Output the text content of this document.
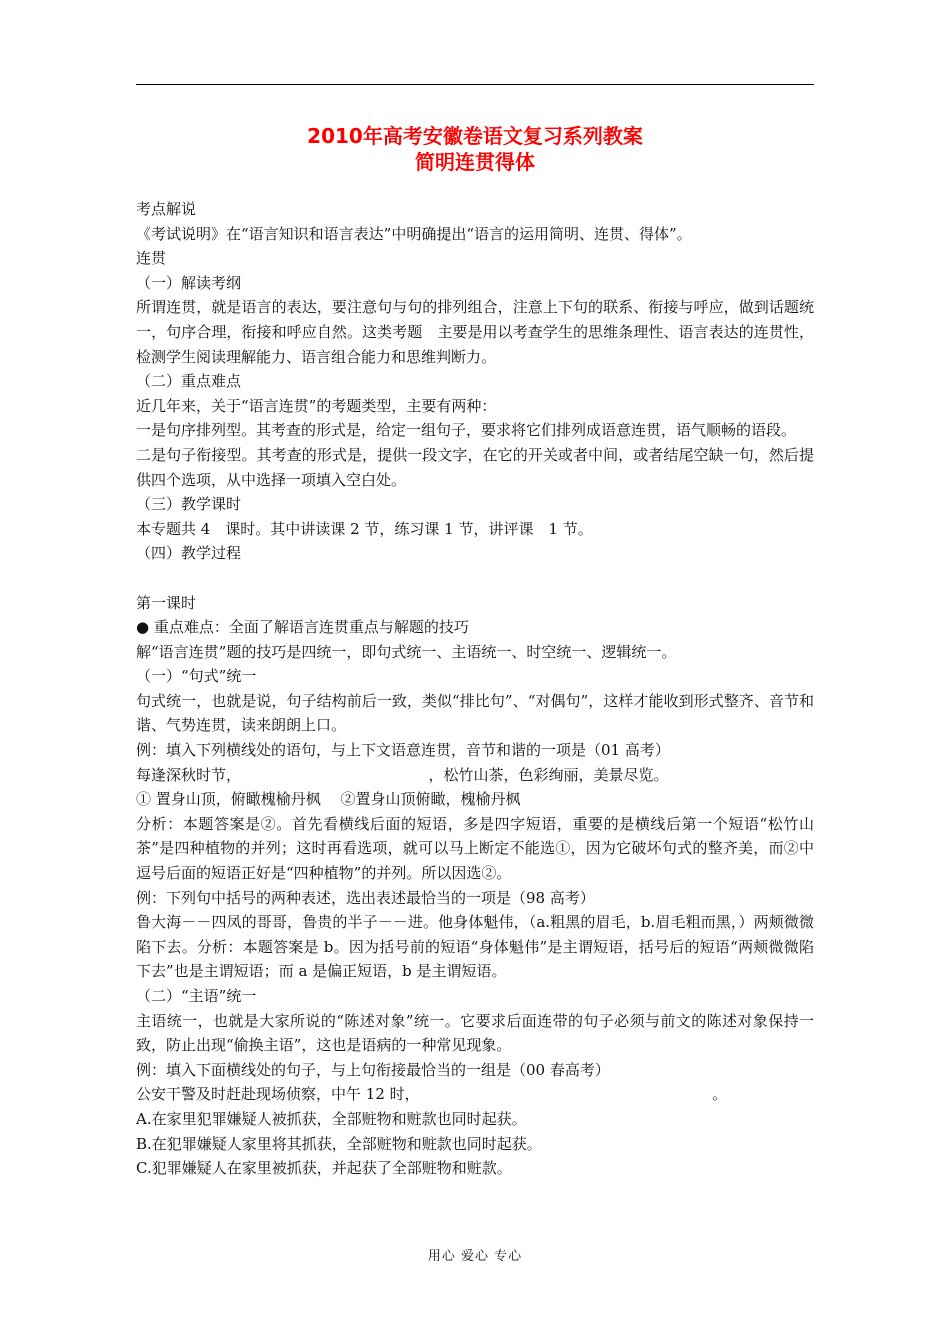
2010年高考安徽卷语文复习系列教案
简明连贯得体

考点解说

《考试说明》在“语言知识和语言表达”中明确提出“语言的运用简明、连贯、得体”。

连贯

（一）解读考纲

所谓连贯，就是语言的表达，要注意句与句的排列组合，注意上下句的联系、衔接与呼应，做到话题统一，句序合理，衔接和呼应自然。这类考题　主要是用以考查学生的思维条理性、语言表达的连贯性，检测学生阅读理解能力、语言组合能力和思维判断力。

（二）重点难点

近几年来，关于“语言连贯”的考题类型，主要有两种：

一是句序排列型。其考查的形式是，给定一组句子，要求将它们排列成语意连贯，语气顺畅的语段。

二是句子衔接型。其考查的形式是，提供一段文字，在它的开关或者中间，或者结尾空缺一句，然后提供四个选项，从中选择一项填入空白处。

（三）教学课时

本专题共 4　课时。其中讲读课 2 节，练习课 1 节，讲评课　1 节。

（四）教学过程

第一课时

● 重点难点：全面了解语言连贯重点与解题的技巧

解“语言连贯”题的技巧是四统一，即句式统一、主语统一、时空统一、逻辑统一。

（一）“句式”统一

句式统一，也就是说，句子结构前后一致，类似“排比句”、“对偶句”，这样才能收到形式整齐、音节和谐、气势连贯，读来朗朗上口。

例：填入下列横线处的语句，与上下文语意连贯，音节和谐的一项是（01 高考）

每逢深秋时节，　　　　　　　　　　　　　，松竹山茶，色彩绚丽，美景尽览。

① 置身山顶，俯瞰槐榆丹枫　 ②置身山顶俯瞰，槐榆丹枫

分析：本题答案是②。首先看横线后面的短语，多是四字短语，重要的是横线后第一个短语“松竹山茶”是四种植物的并列；这时再看选项，就可以马上断定不能选①，因为它破坏句式的整齐美，而②中逗号后面的短语正好是“四种植物”的并列。所以因选②。

例：下列句中括号的两种表述，选出表述最恰当的一项是（98 高考）

鲁大海－－四凤的哥哥，鲁贵的半子－－进。他身体魁伟，（a.粗黑的眉毛，b.眉毛粗而黑，）两颊微微陷下去。分析：本题答案是 b。因为括号前的短语“身体魁伟”是主谓短语，括号后的短语“两颊微微陷下去”也是主谓短语；而 a 是偏正短语，b 是主谓短语。

（二）“主语”统一

主语统一，也就是大家所说的“陈述对象”统一。它要求后面连带的句子必须与前文的陈述对象保持一致，防止出现“偷换主语”，这也是语病的一种常见现象。

例：填入下面横线处的句子，与上句衔接最恰当的一组是（00 春高考）

公安干警及时赶赴现场侦察，中午 12 时，　　　　　　　　　　　　　　　　　　　　。

A.在家里犯罪嫌疑人被抓获，全部赃物和赃款也同时起获。

B.在犯罪嫌疑人家里将其抓获，全部赃物和赃款也同时起获。

C.犯罪嫌疑人在家里被抓获，并起获了全部赃物和赃款。

用心 爱心 专心
